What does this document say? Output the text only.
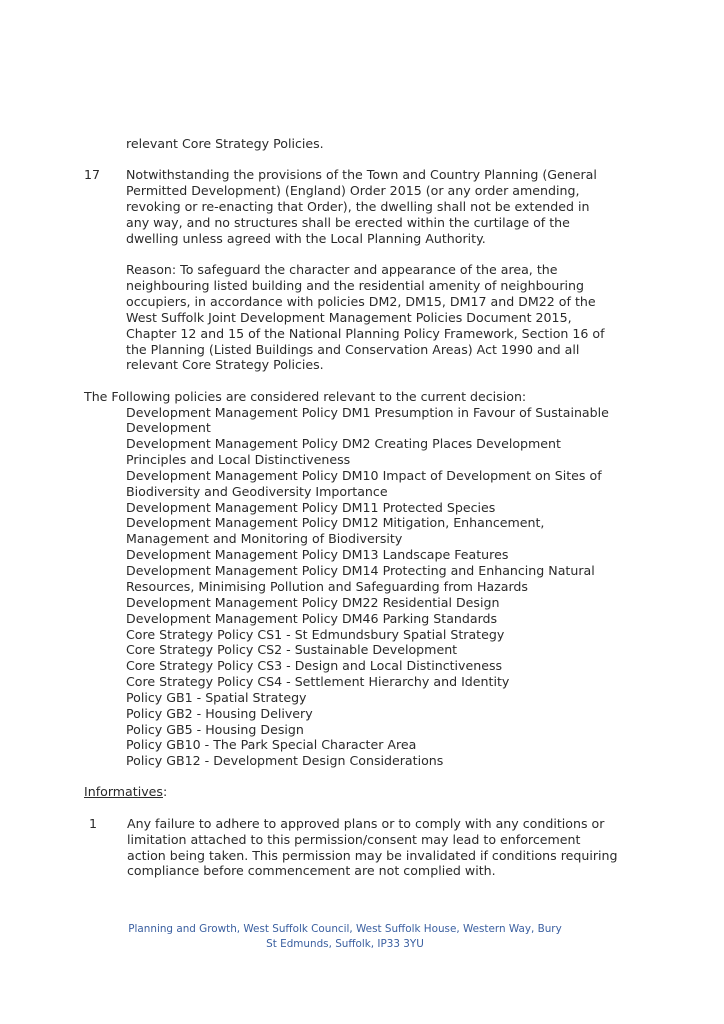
relevant Core Strategy Policies.
17 Notwithstanding the provisions of the Town and Country Planning (General
Permitted Development) (England) Order 2015 (or any order amending,
revoking or re-enacting that Order), the dwelling shall not be extended in
any way, and no structures shall be erected within the curtilage of the
dwelling unless agreed with the Local Planning Authority.
Reason: To safeguard the character and appearance of the area, the
neighbouring listed building and the residential amenity of neighbouring
occupiers, in accordance with policies DM2, DM15, DM17 and DM22 of the
West Suffolk Joint Development Management Policies Document 2015,
Chapter 12 and 15 of the National Planning Policy Framework, Section 16 of
the Planning (Listed Buildings and Conservation Areas) Act 1990 and all
relevant Core Strategy Policies.
The Following policies are considered relevant to the current decision:
Development Management Policy DM1 Presumption in Favour of Sustainable
Development
Development Management Policy DM2 Creating Places Development
Principles and Local Distinctiveness
Development Management Policy DM10 Impact of Development on Sites of
Biodiversity and Geodiversity Importance
Development Management Policy DM11 Protected Species
Development Management Policy DM12 Mitigation, Enhancement,
Management and Monitoring of Biodiversity
Development Management Policy DM13 Landscape Features
Development Management Policy DM14 Protecting and Enhancing Natural
Resources, Minimising Pollution and Safeguarding from Hazards
Development Management Policy DM22 Residential Design
Development Management Policy DM46 Parking Standards
Core Strategy Policy CS1 - St Edmundsbury Spatial Strategy
Core Strategy Policy CS2 - Sustainable Development
Core Strategy Policy CS3 - Design and Local Distinctiveness
Core Strategy Policy CS4 - Settlement Hierarchy and Identity
Policy GB1 - Spatial Strategy
Policy GB2 - Housing Delivery
Policy GB5 - Housing Design
Policy GB10 - The Park Special Character Area
Policy GB12 - Development Design Considerations
Informatives:
1 Any failure to adhere to approved plans or to comply with any conditions or
limitation attached to this permission/consent may lead to enforcement
action being taken. This permission may be invalidated if conditions requiring
compliance before commencement are not complied with.
Planning and Growth, West Suffolk Council, West Suffolk House, Western Way, Bury
St Edmunds, Suffolk, IP33 3YU
